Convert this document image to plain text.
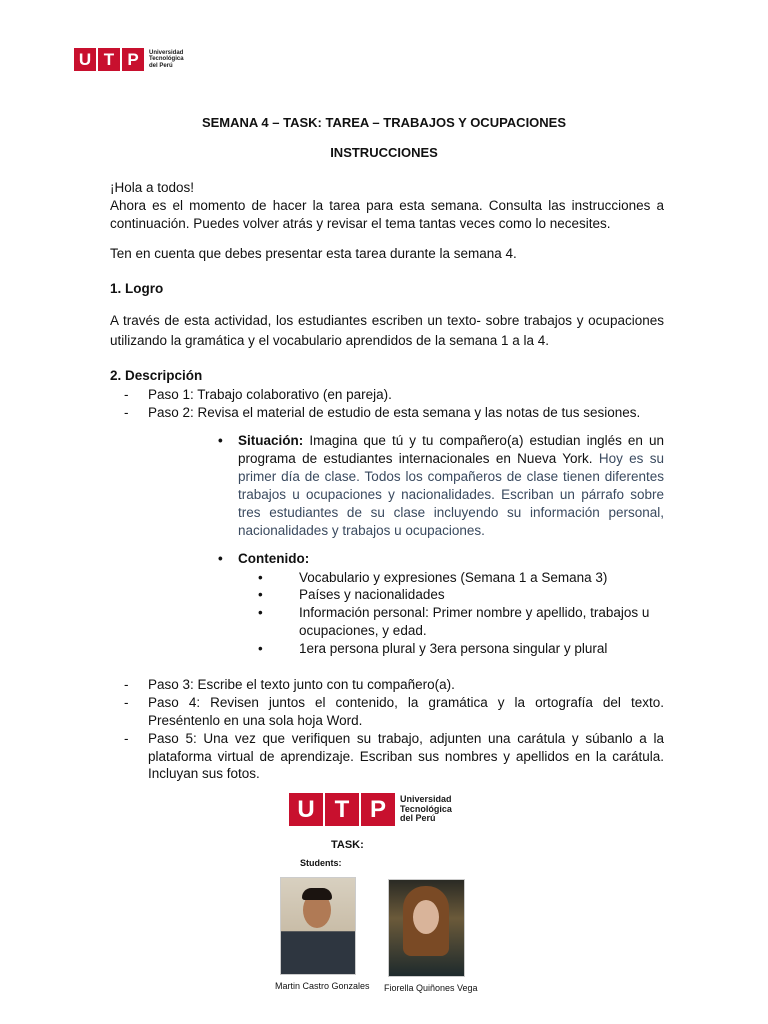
U T P	Universidad
Tecnológica
del Perú
SEMANA 4 – TASK: TAREA – TRABAJOS Y OCUPACIONES
INSTRUCCIONES
¡Hola a todos!
Ahora es el momento de hacer la tarea para esta semana. Consulta las instrucciones a continuación. Puedes volver atrás y revisar el tema tantas veces como lo necesites.
Ten en cuenta que debes presentar esta tarea durante la semana 4.
1. Logro
A través de esta actividad, los estudiantes escriben un texto- sobre trabajos y ocupaciones utilizando la gramática y el vocabulario aprendidos de la semana 1 a la 4.
2. Descripción
- Paso 1: Trabajo colaborativo (en pareja).
- Paso 2: Revisa el material de estudio de esta semana y las notas de tus sesiones.
• Situación: Imagina que tú y tu compañero(a) estudian inglés en un programa de estudiantes internacionales en Nueva York. Hoy es su primer día de clase. Todos los compañeros de clase tienen diferentes trabajos u ocupaciones y nacionalidades. Escriban un párrafo sobre tres estudiantes de su clase incluyendo su información personal, nacionalidades y trabajos u ocupaciones.
• Contenido:
•	Vocabulario y expresiones (Semana 1 a Semana 3)
•	Países y nacionalidades
•	Información personal: Primer nombre y apellido, trabajos u ocupaciones, y edad.
•	1era persona plural y 3era persona singular y plural
- Paso 3: Escribe el texto junto con tu compañero(a).
- Paso 4: Revisen juntos el contenido, la gramática y la ortografía del texto. Preséntenlo en una sola hoja Word.
- Paso 5: Una vez que verifiquen su trabajo, adjunten una carátula y súbanlo a la plataforma virtual de aprendizaje. Escriban sus nombres y apellidos en la carátula. Incluyan sus fotos.
U T P	Universidad
Tecnológica
del Perú
TASK:
Students:
Martin Castro Gonzales Fiorella Quiñones Vega
